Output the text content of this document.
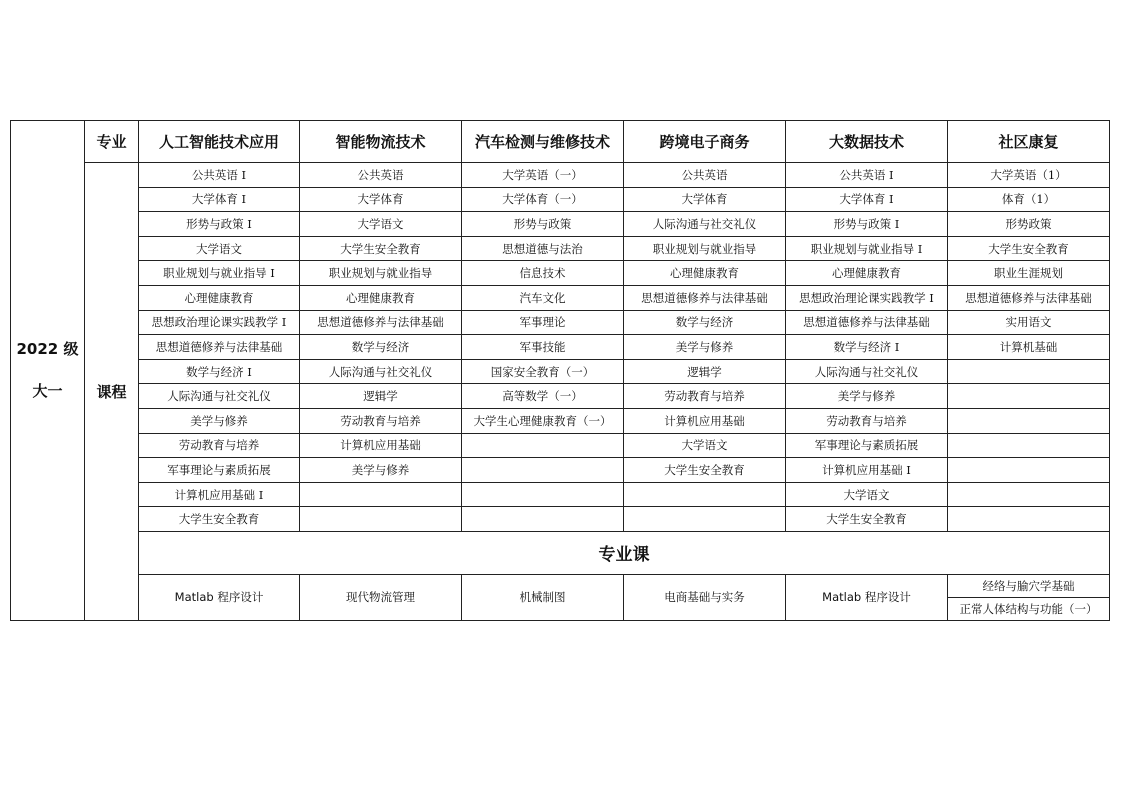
2022 级
大一	专业	人工智能技术应用	智能物流技术	汽车检测与维修技术	跨境电子商务	大数据技术	社区康复
	课程	公共英语 I	公共英语	大学英语（一）	公共英语	公共英语 I	大学英语（1）
		大学体育 I	大学体育	大学体育（一）	大学体育	大学体育 I	体育（1）
		形势与政策 I	大学语文	形势与政策	人际沟通与社交礼仪	形势与政策 I	形势政策
		大学语文	大学生安全教育	思想道德与法治	职业规划与就业指导	职业规划与就业指导 I	大学生安全教育
		职业规划与就业指导 I	职业规划与就业指导	信息技术	心理健康教育	心理健康教育	职业生涯规划
		心理健康教育	心理健康教育	汽车文化	思想道德修养与法律基础	思想政治理论课实践教学 I	思想道德修养与法律基础
		思想政治理论课实践教学 I	思想道德修养与法律基础	军事理论	数学与经济	思想道德修养与法律基础	实用语文
		思想道德修养与法律基础	数学与经济	军事技能	美学与修养	数学与经济 I	计算机基础
		数学与经济 I	人际沟通与社交礼仪	国家安全教育（一）	逻辑学	人际沟通与社交礼仪	
		人际沟通与社交礼仪	逻辑学	高等数学（一）	劳动教育与培养	美学与修养	
		美学与修养	劳动教育与培养	大学生心理健康教育（一）	计算机应用基础	劳动教育与培养	
		劳动教育与培养	计算机应用基础		大学语文	军事理论与素质拓展	
		军事理论与素质拓展	美学与修养		大学生安全教育	计算机应用基础 I	
		计算机应用基础 I				大学语文	
		大学生安全教育				大学生安全教育	
		专业课					
		Matlab 程序设计	现代物流管理	机械制图	电商基础与实务	Matlab 程序设计	经络与腧穴学基础
							正常人体结构与功能（一）
